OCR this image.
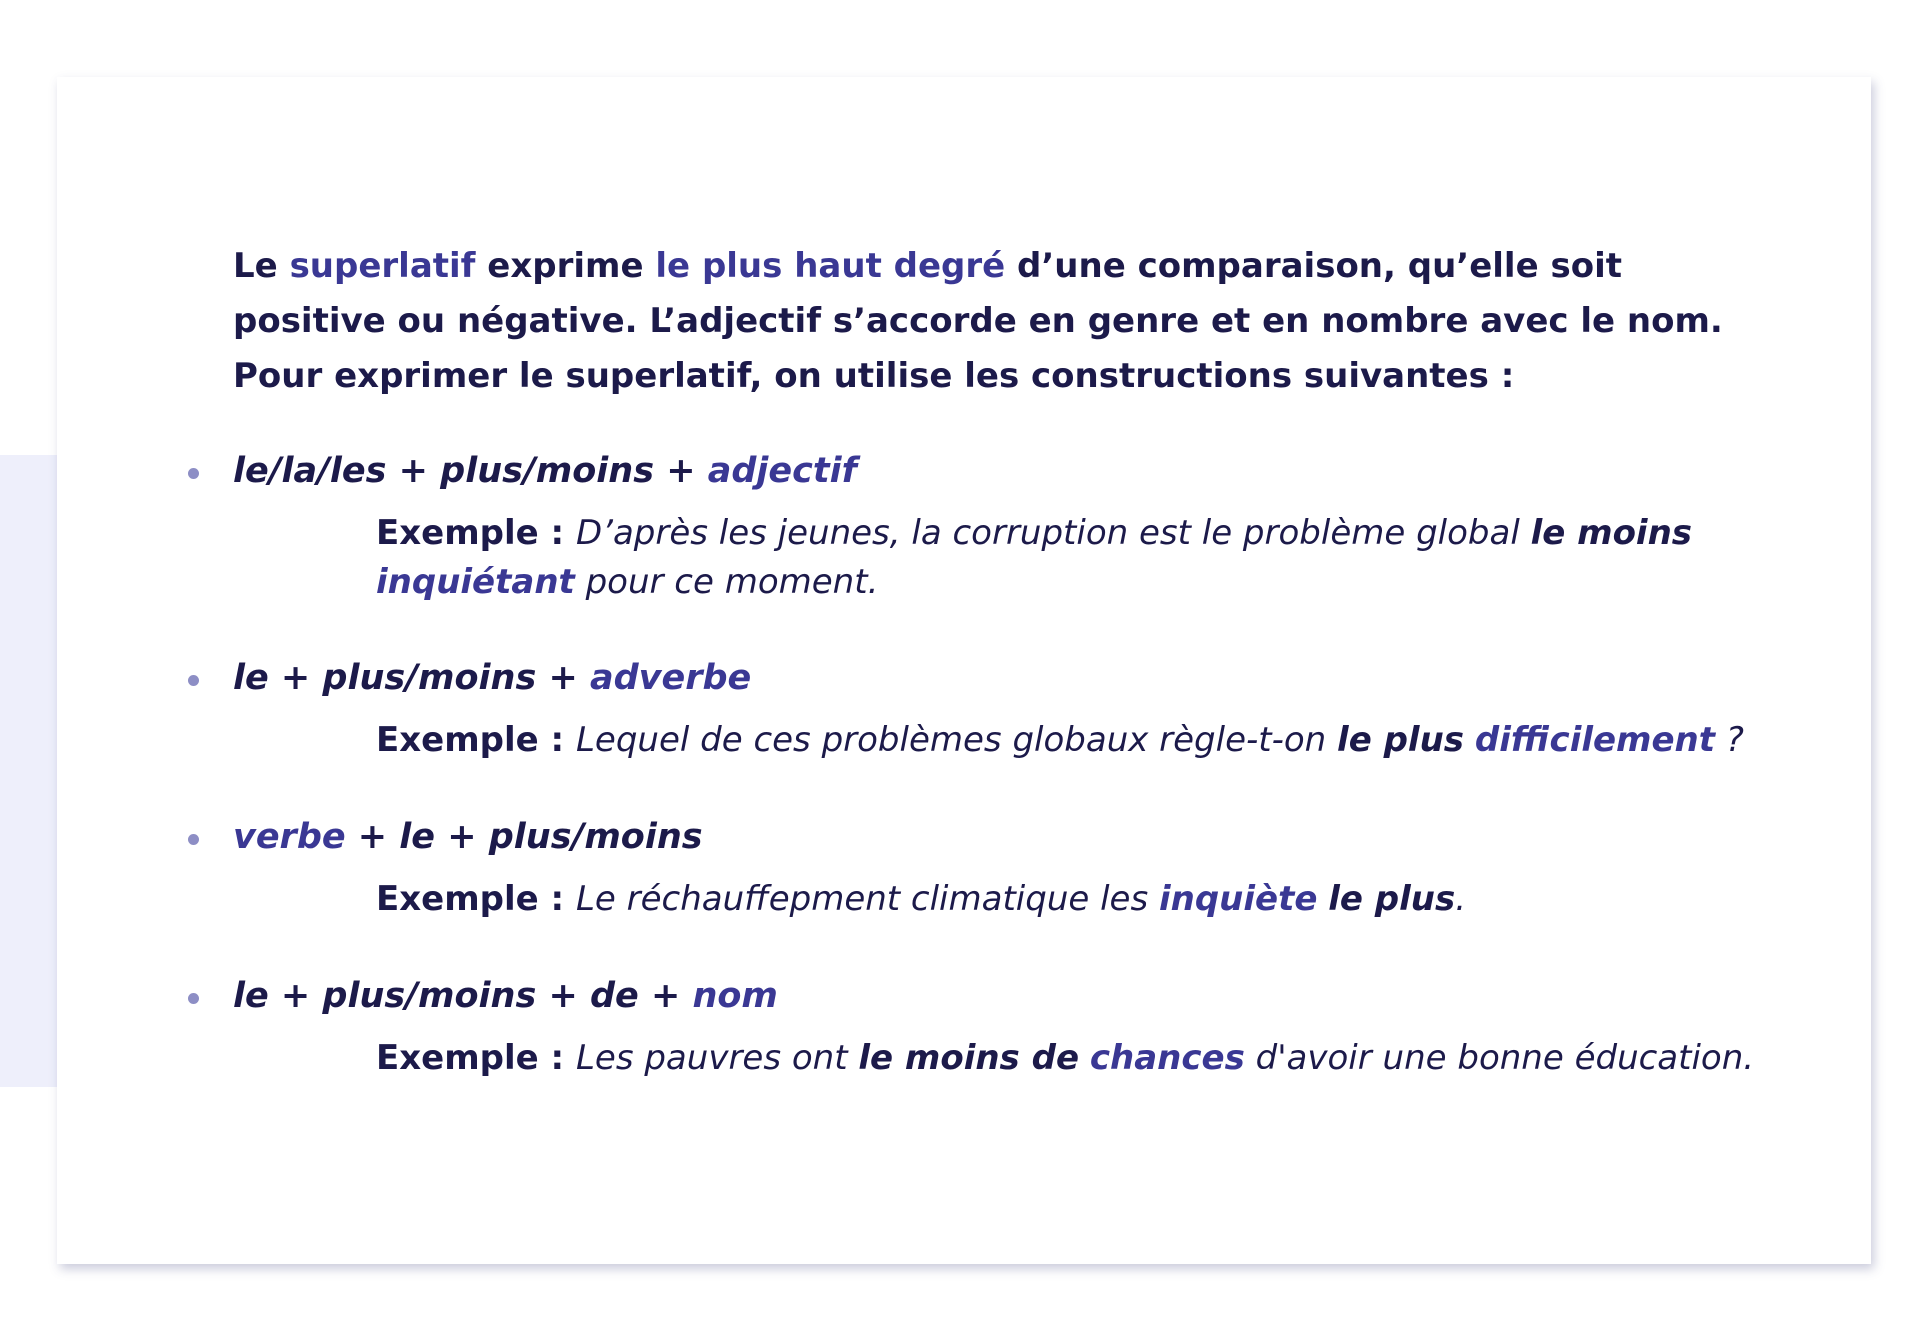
Le superlatif exprime le plus haut degré d’une comparaison, qu’elle soit positive ou négative. L’adjectif s’accorde en genre et en nombre avec le nom.

Pour exprimer le superlatif, on utilise les constructions suivantes :

le/la/les + plus/moins + adjectif
Exemple : D’après les jeunes, la corruption est le problème global le moins inquiétant pour ce moment.
le + plus/moins + adverbe
Exemple : Lequel de ces problèmes globaux règle-t-on le plus difficilement ?
verbe + le + plus/moins
Exemple : Le réchauffepment climatique les inquiète le plus.
le + plus/moins + de + nom
Exemple : Les pauvres ont le moins de chances d'avoir une bonne éducation.
